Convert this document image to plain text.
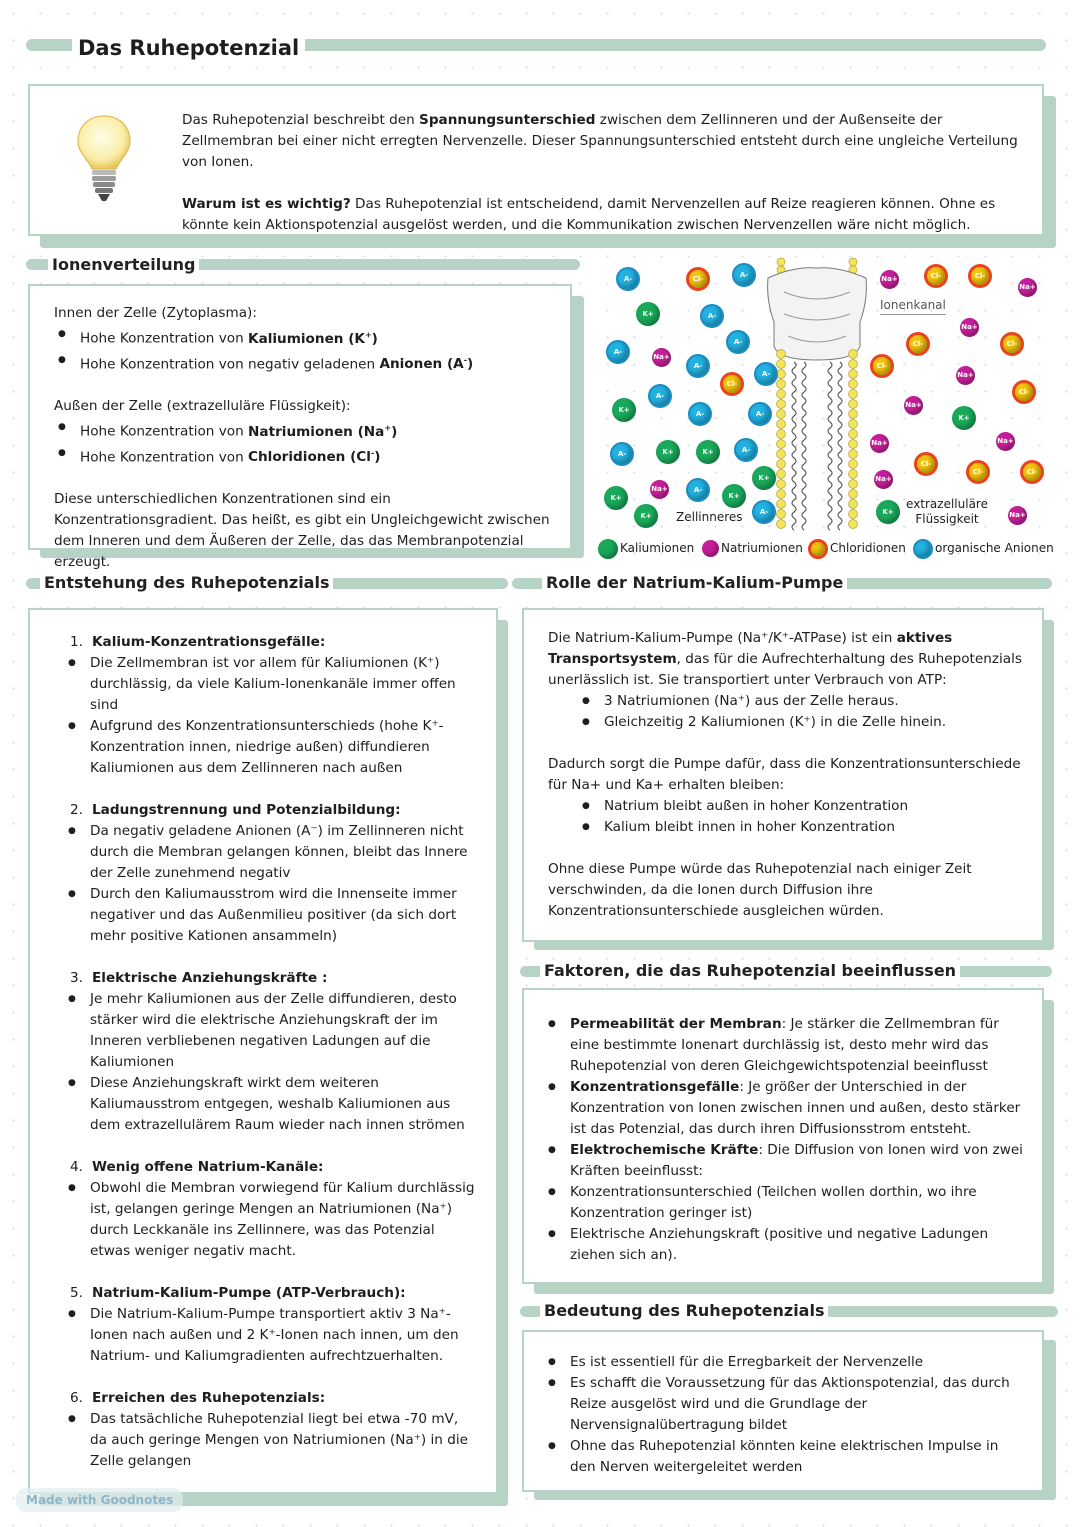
Das Ruhepotenzial

Das Ruhepotenzial beschreibt den Spannungsunterschied zwischen dem Zellinneren und der Außenseite der Zellmembran bei einer nicht erregten Nervenzelle. Dieser Spannungsunterschied entsteht durch eine ungleiche Verteilung von Ionen.

Warum ist es wichtig? Das Ruhepotenzial ist entscheidend, damit Nervenzellen auf Reize reagieren können. Ohne es könnte kein Aktionspotenzial ausgelöst werden, und die Kommunikation zwischen Nervenzellen wäre nicht möglich.

Ionenverteilung

Innen der Zelle (Zytoplasma):

● Hohe Konzentration von Kaliumionen (K+)
● Hohe Konzentration von negativ geladenen Anionen (A-)

Außen der Zelle (extrazelluläre Flüssigkeit):

● Hohe Konzentration von Natriumionen (Na+)
● Hohe Konzentration von Chloridionen (Cl-)

Diese unterschiedlichen Konzentrationen sind ein Konzentrationsgradient. Das heißt, es gibt ein Ungleichgewicht zwischen dem Inneren und dem Äußeren der Zelle, das das Membranpotenzial erzeugt.

Ionenkanal
Zellinneres
extrazelluläre Flüssigkeit
A-	Cl-	A-
K+	A-
A-
Na+
A-
A-
Cl-
A-
A-
K+	A-	A-
A-	K+	K+	A-
K+
Na+	A-
K+
K+
K+	A-
Na+	Cl-	Cl-
Na+
Na+
Cl-	Cl-
Cl-
Na+
Cl-
Na+
K+
Na+	Na+
Cl-
Cl-	Cl-
Na+
K+	Na+
Kaliumionen	Natriumionen	Chloridionen	organische Anionen
Entstehung des Ruhepotenzials

1. Kalium-Konzentrationsgefälle:

● Die Zellmembran ist vor allem für Kaliumionen (K⁺) durchlässig, da viele Kalium-Ionenkanäle immer offen sind
● Aufgrund des Konzentrationsunterschieds (hohe K⁺-Konzentration innen, niedrige außen) diffundieren Kaliumionen aus dem Zellinneren nach außen

2. Ladungstrennung und Potenzialbildung:

● Da negativ geladene Anionen (A⁻) im Zellinneren nicht durch die Membran gelangen können, bleibt das Innere der Zelle zunehmend negativ
● Durch den Kaliumausstrom wird die Innenseite immer negativer und das Außenmilieu positiver (da sich dort mehr positive Kationen ansammeln)

3. Elektrische Anziehungskräfte :

● Je mehr Kaliumionen aus der Zelle diffundieren, desto stärker wird die elektrische Anziehungskraft der im Inneren verbliebenen negativen Ladungen auf die Kaliumionen
● Diese Anziehungskraft wirkt dem weiteren Kaliumausstrom entgegen, weshalb Kaliumionen aus dem extrazellulärem Raum wieder nach innen strömen

4. Wenig offene Natrium-Kanäle:

● Obwohl die Membran vorwiegend für Kalium durchlässig ist, gelangen geringe Mengen an Natriumionen (Na⁺) durch Leckkanäle ins Zellinnere, was das Potenzial etwas weniger negativ macht.

5. Natrium-Kalium-Pumpe (ATP-Verbrauch):

● Die Natrium-Kalium-Pumpe transportiert aktiv 3 Na⁺-Ionen nach außen und 2 K⁺-Ionen nach innen, um den Natrium- und Kaliumgradienten aufrechtzuerhalten.

6. Erreichen des Ruhepotenzials:

● Das tatsächliche Ruhepotenzial liegt bei etwa -70 mV, da auch geringe Mengen von Natriumionen (Na⁺) in die Zelle gelangen
Rolle der Natrium-Kalium-Pumpe

Die Natrium-Kalium-Pumpe (Na⁺/K⁺-ATPase) ist ein aktives Transportsystem, das für die Aufrechterhaltung des Ruhepotenzials unerlässlich ist. Sie transportiert unter Verbrauch von ATP:

● 3 Natriumionen (Na⁺) aus der Zelle heraus.
● Gleichzeitig 2 Kaliumionen (K⁺) in die Zelle hinein.

Dadurch sorgt die Pumpe dafür, dass die Konzentrationsunterschiede für Na+ und Ka+ erhalten bleiben:

● Natrium bleibt außen in hoher Konzentration
● Kalium bleibt innen in hoher Konzentration

Ohne diese Pumpe würde das Ruhepotenzial nach einiger Zeit verschwinden, da die Ionen durch Diffusion ihre Konzentrationsunterschiede ausgleichen würden.

Faktoren, die das Ruhepotenzial beeinflussen
● Permeabilität der Membran: Je stärker die Zellmembran für eine bestimmte Ionenart durchlässig ist, desto mehr wird das Ruhepotenzial von deren Gleichgewichtspotenzial beeinflusst
● Konzentrationsgefälle: Je größer der Unterschied in der Konzentration von Ionen zwischen innen und außen, desto stärker ist das Potenzial, das durch ihren Diffusionsstrom entsteht.
● Elektrochemische Kräfte: Die Diffusion von Ionen wird von zwei Kräften beeinflusst:
● Konzentrationsunterschied (Teilchen wollen dorthin, wo ihre Konzentration geringer ist)
● Elektrische Anziehungskraft (positive und negative Ladungen ziehen sich an).
Bedeutung des Ruhepotenzials
● Es ist essentiell für die Erregbarkeit der Nervenzelle
● Es schafft die Voraussetzung für das Aktionspotenzial, das durch Reize ausgelöst wird und die Grundlage der Nervensignalübertragung bildet
● Ohne das Ruhepotenzial könnten keine elektrischen Impulse in den Nerven weitergeleitet werden
Made with Goodnotes
